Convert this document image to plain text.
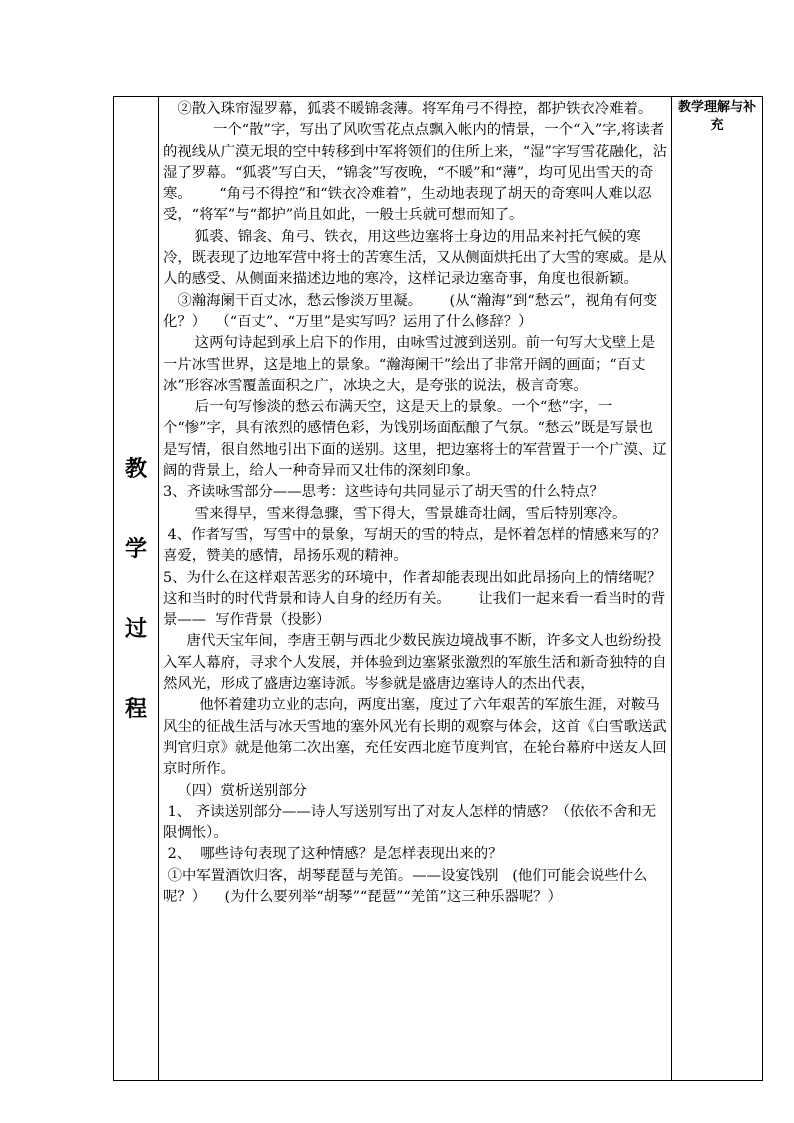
教
学
过
程

②散入珠帘湿罗幕，狐裘不暖锦衾薄。将军角弓不得控，都护铁衣冷难着。

一个“散”字，写出了风吹雪花点点飘入帐内的情景，一个“入”字,将读者的视线从广漠无垠的空中转移到中军将领们的住所上来，“湿”字写雪花融化，沾湿了罗幕。“狐裘”写白天，“锦衾”写夜晚，“不暖”和“薄”，均可见出雪天的奇寒。      “角弓不得控”和“铁衣冷难着”，生动地表现了胡天的奇寒叫人难以忍受，“将军”与“都护”尚且如此，一般士兵就可想而知了。

狐裘、锦衾、角弓、铁衣，用这些边塞将士身边的用品来衬托气候的寒冷，既表现了边地军营中将士的苦寒生活，又从侧面烘托出了大雪的寒威。是从人的感受、从侧面来描述边地的寒冷，这样记录边塞奇事，角度也很新颖。

③瀚海阑干百丈冰，愁云惨淡万里凝。      (从“瀚海”到“愁云”，视角有何变化？）  （“百丈”、“万里”是实写吗？运用了什么修辞？）

这两句诗起到承上启下的作用，由咏雪过渡到送别。前一句写大戈壁上是一片冰雪世界，这是地上的景象。“瀚海阑干”绘出了非常开阔的画面；“百丈冰”形容冰雪覆盖面积之广，冰块之大，是夸张的说法，极言奇寒。

后一句写惨淡的愁云布满天空，这是天上的景象。一个“愁”字，一个“惨”字，具有浓烈的感情色彩，为饯别场面酝酿了气氛。“愁云”既是写景也是写情，很自然地引出下面的送别。这里，把边塞将士的军营置于一个广漠、辽阔的背景上，给人一种奇异而又壮伟的深刻印象。

3、齐读咏雪部分——思考：这些诗句共同显示了胡天雪的什么特点？

雪来得早，雪来得急骤，雪下得大，雪景雄奇壮阔，雪后特别寒冷。

4、作者写雪，写雪中的景象，写胡天的雪的特点，是怀着怎样的情感来写的？    喜爱，赞美的感情，昂扬乐观的精神。

5、为什么在这样艰苦恶劣的环境中，作者却能表现出如此昂扬向上的情绪呢？    这和当时的时代背景和诗人自身的经历有关。      让我们一起来看一看当时的背景——  写作背景（投影）

唐代天宝年间，李唐王朝与西北少数民族边境战事不断，许多文人也纷纷投入军人幕府，寻求个人发展，并体验到边塞紧张激烈的军旅生活和新奇独特的自然风光，形成了盛唐边塞诗派。岑参就是盛唐边塞诗人的杰出代表，

他怀着建功立业的志向，两度出塞，度过了六年艰苦的军旅生涯，对鞍马风尘的征战生活与冰天雪地的塞外风光有长期的观察与体会，这首《白雪歌送武判官归京》就是他第二次出塞，充任安西北庭节度判官，在轮台幕府中送友人回京时所作。

（四）赏析送别部分

1、 齐读送别部分——诗人写送别写出了对友人怎样的情感？（依依不舍和无限惆怅）。

2、  哪些诗句表现了这种情感？是怎样表现出来的？

①中军置酒饮归客，胡琴琵琶与羌笛。——设宴饯别   (他们可能会说些什么呢？）    (为什么要列举“胡琴”“琵琶”“羌笛”这三种乐器呢？）

教学理解与补充
